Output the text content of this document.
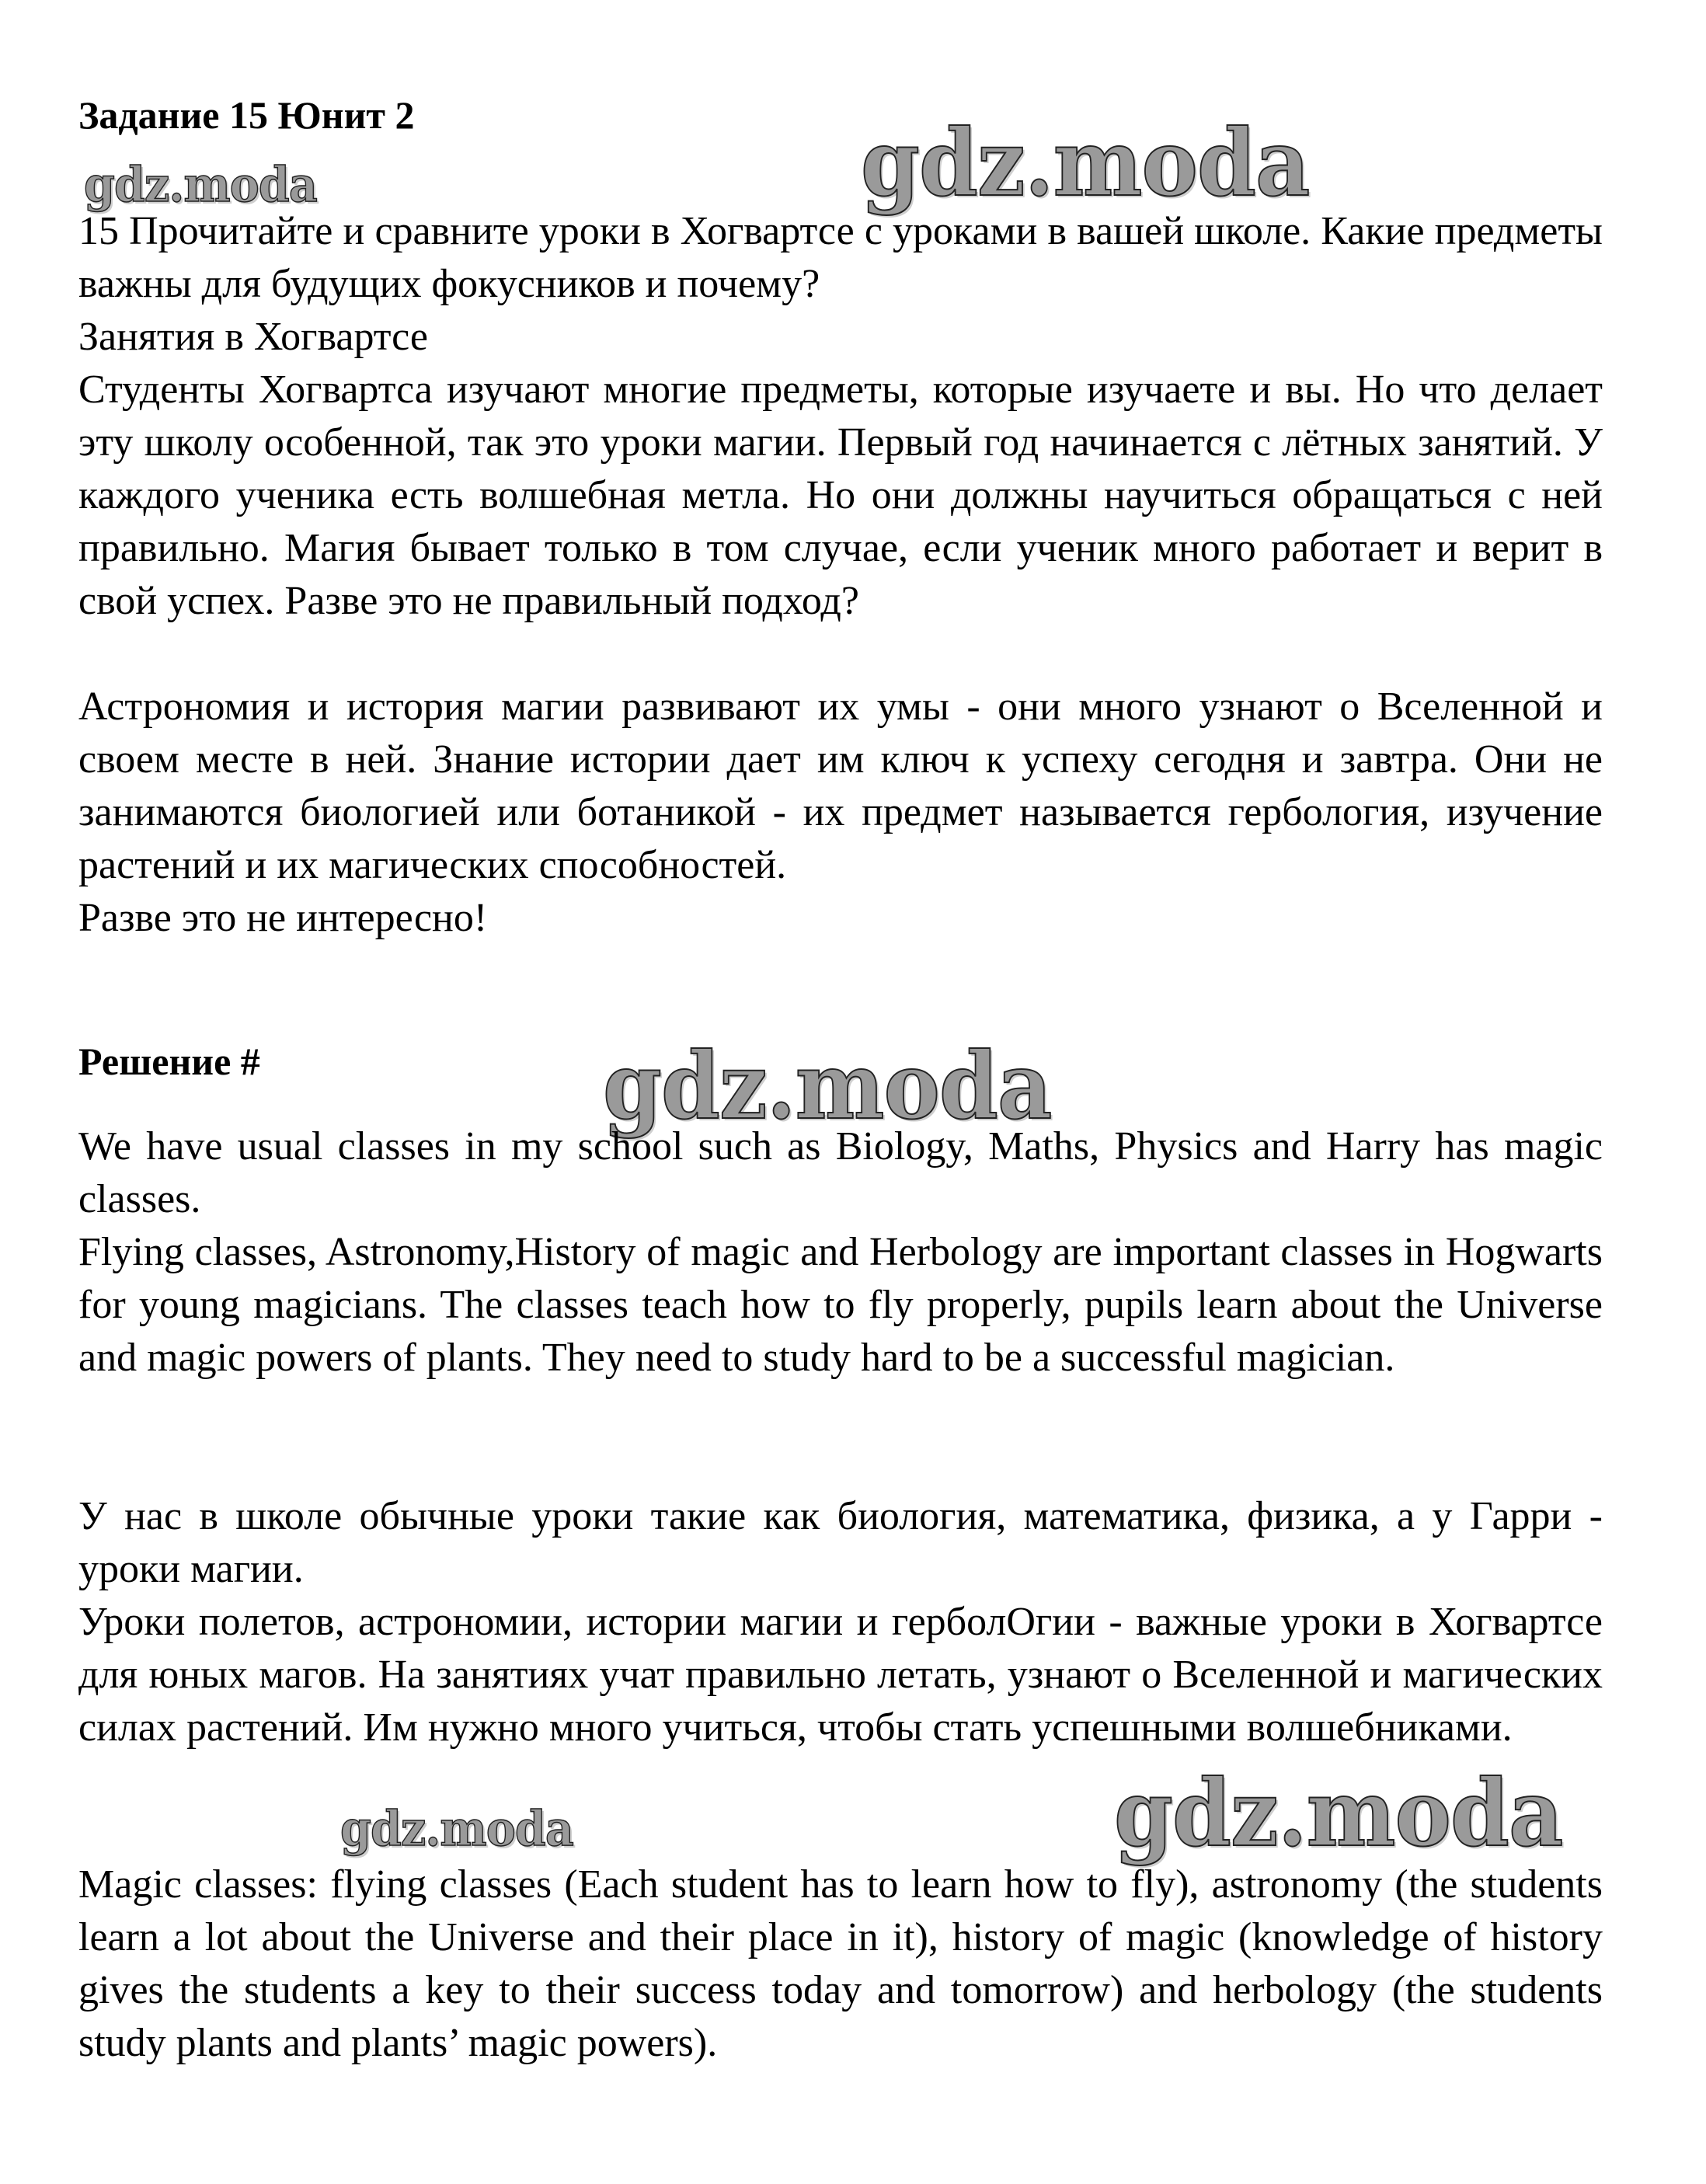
Задание 15 Юнит 2	gdz.moda
gdz.moda

15 Прочитайте и сравните уроки в Хогвартсе с уроками в вашей школе. Какие предметы важны для будущих фокусников и почему?

Занятия в Хогвартсе

Студенты Хогвартса изучают многие предметы, которые изучаете и вы. Но что делает эту школу особенной, так это уроки магии. Первый год начинается с лётных занятий. У каждого ученика есть волшебная метла. Но они должны научиться обращаться с ней правильно. Магия бывает только в том случае, если ученик много работает и верит в свой успех. Разве это не правильный подход?

Астрономия и история магии развивают их умы - они много узнают о Вселенной и своем месте в ней. Знание истории дает им ключ к успеху сегодня и завтра. Они не занимаются биологией или ботаникой - их предмет называется гербология, изучение растений и их магических способностей.

Разве это не интересно!

Решение #	gdz.moda

We have usual classes in my school such as Biology, Maths, Physics and Harry has magic classes.

Flying classes, Astronomy,History of magic and Herbology are important classes in Hogwarts for young magicians. The classes teach how to fly properly, pupils learn about the Universe and magic powers of plants. They need to study hard to be a successful magician.

У нас в школе обычные уроки такие как биология, математика, физика, а у Гарри - уроки магии.

Уроки полетов, астрономии, истории магии и герболOгии - важные уроки в Хогвартсе для юных магов. На занятиях учат правильно летать, узнают о Вселенной и магических силах растений. Им нужно много учиться, чтобы стать успешными волшебниками.

gdz.moda
gdz.moda

Magic classes: flying classes (Each student has to learn how to fly), astronomy (the students learn a lot about the Universe and their place in it), history of magic (knowledge of history gives the students a key to their success today and tomorrow) and herbology (the students study plants and plants’ magic powers).
